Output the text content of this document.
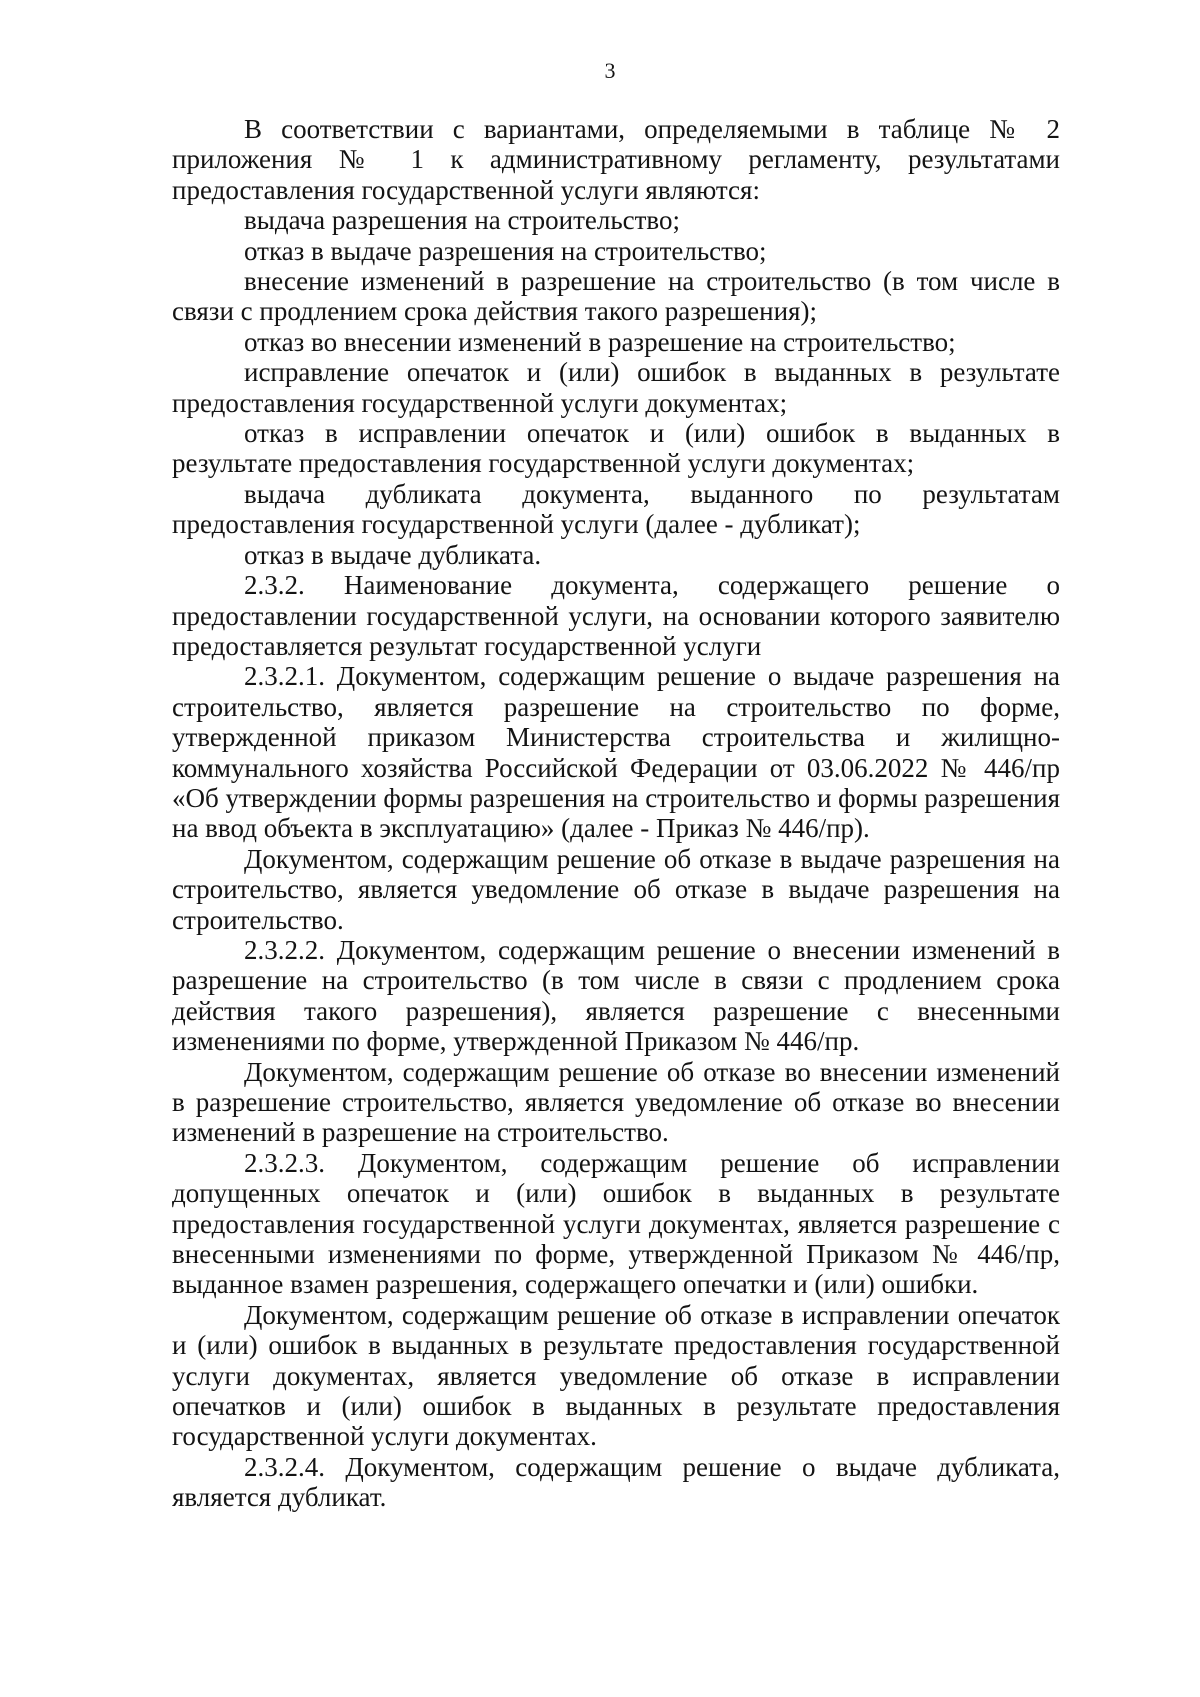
3

В соответствии с вариантами, определяемыми в таблице № 2 приложения № 1 к административному регламенту, результатами предоставления государственной услуги являются:

выдача разрешения на строительство;

отказ в выдаче разрешения на строительство;

внесение изменений в разрешение на строительство (в том числе в связи с продлением срока действия такого разрешения);

отказ во внесении изменений в разрешение на строительство;

исправление опечаток и (или) ошибок в выданных в результате предоставления государственной услуги документах;

отказ в исправлении опечаток и (или) ошибок в выданных в результате предоставления государственной услуги документах;

выдача дубликата документа, выданного по результатам предоставления государственной услуги (далее - дубликат);

отказ в выдаче дубликата.

2.3.2. Наименование документа, содержащего решение о предоставлении государственной услуги, на основании которого заявителю предоставляется результат государственной услуги

2.3.2.1. Документом, содержащим решение о выдаче разрешения на строительство, является разрешение на строительство по форме, утвержденной приказом Министерства строительства и жилищно-коммунального хозяйства Российской Федерации от 03.06.2022 № 446/пр «Об утверждении формы разрешения на строительство и формы разрешения на ввод объекта в эксплуатацию» (далее - Приказ № 446/пр).

Документом, содержащим решение об отказе в выдаче разрешения на строительство, является уведомление об отказе в выдаче разрешения на строительство.

2.3.2.2. Документом, содержащим решение о внесении изменений в разрешение на строительство (в том числе в связи с продлением срока действия такого разрешения), является разрешение с внесенными изменениями по форме, утвержденной Приказом № 446/пр.

Документом, содержащим решение об отказе во внесении изменений в разрешение строительство, является уведомление об отказе во внесении изменений в разрешение на строительство.

2.3.2.3. Документом, содержащим решение об исправлении допущенных опечаток и (или) ошибок в выданных в результате предоставления государственной услуги документах, является разрешение с внесенными изменениями по форме, утвержденной Приказом № 446/пр, выданное взамен разрешения, содержащего опечатки и (или) ошибки.

Документом, содержащим решение об отказе в исправлении опечаток и (или) ошибок в выданных в результате предоставления государственной услуги документах, является уведомление об отказе в исправлении опечатков и (или) ошибок в выданных в результате предоставления государственной услуги документах.

2.3.2.4. Документом, содержащим решение о выдаче дубликата, является дубликат.
